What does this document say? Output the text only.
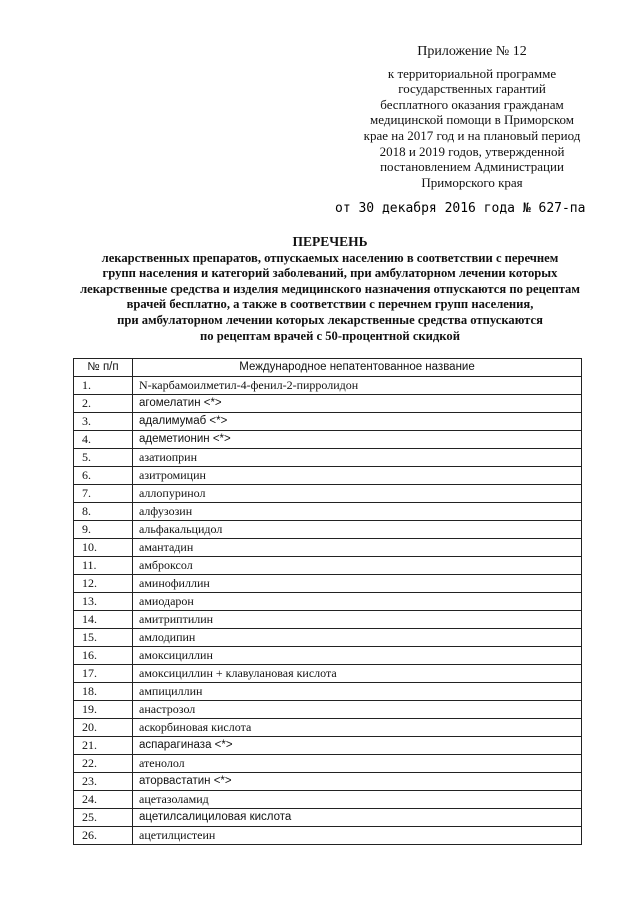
Приложение № 12
к территориальной программе
государственных гарантий
бесплатного оказания гражданам
медицинской помощи в Приморском
крае на 2017 год и на плановый период
2018 и 2019 годов, утвержденной
постановлением Администрации
Приморского края
от 30 декабря 2016 года № 627-па
ПЕРЕЧЕНЬ
лекарственных препаратов, отпускаемых населению в соответствии с перечнем
групп населения и категорий заболеваний, при амбулаторном лечении которых
лекарственные средства и изделия медицинского назначения отпускаются по рецептам
врачей бесплатно, а также в соответствии с перечнем групп населения,
при амбулаторном лечении которых лекарственные средства отпускаются
по рецептам врачей с 50-процентной скидкой
№ п/п	Международное непатентованное название
1.	N-карбамоилметил-4-фенил-2-пирролидон
2.	агомелатин <*>
3.	адалимумаб <*>
4.	адеметионин <*>
5.	азатиоприн
6.	азитромицин
7.	аллопуринол
8.	алфузозин
9.	альфакальцидол
10.	амантадин
11.	амброксол
12.	аминофиллин
13.	амиодарон
14.	амитриптилин
15.	амлодипин
16.	амоксициллин
17.	амоксициллин + клавулановая кислота
18.	ампициллин
19.	анастрозол
20.	аскорбиновая кислота
21.	аспарагиназа <*>
22.	атенолол
23.	аторвастатин <*>
24.	ацетазоламид
25.	ацетилсалициловая кислота
26.	ацетилцистеин
